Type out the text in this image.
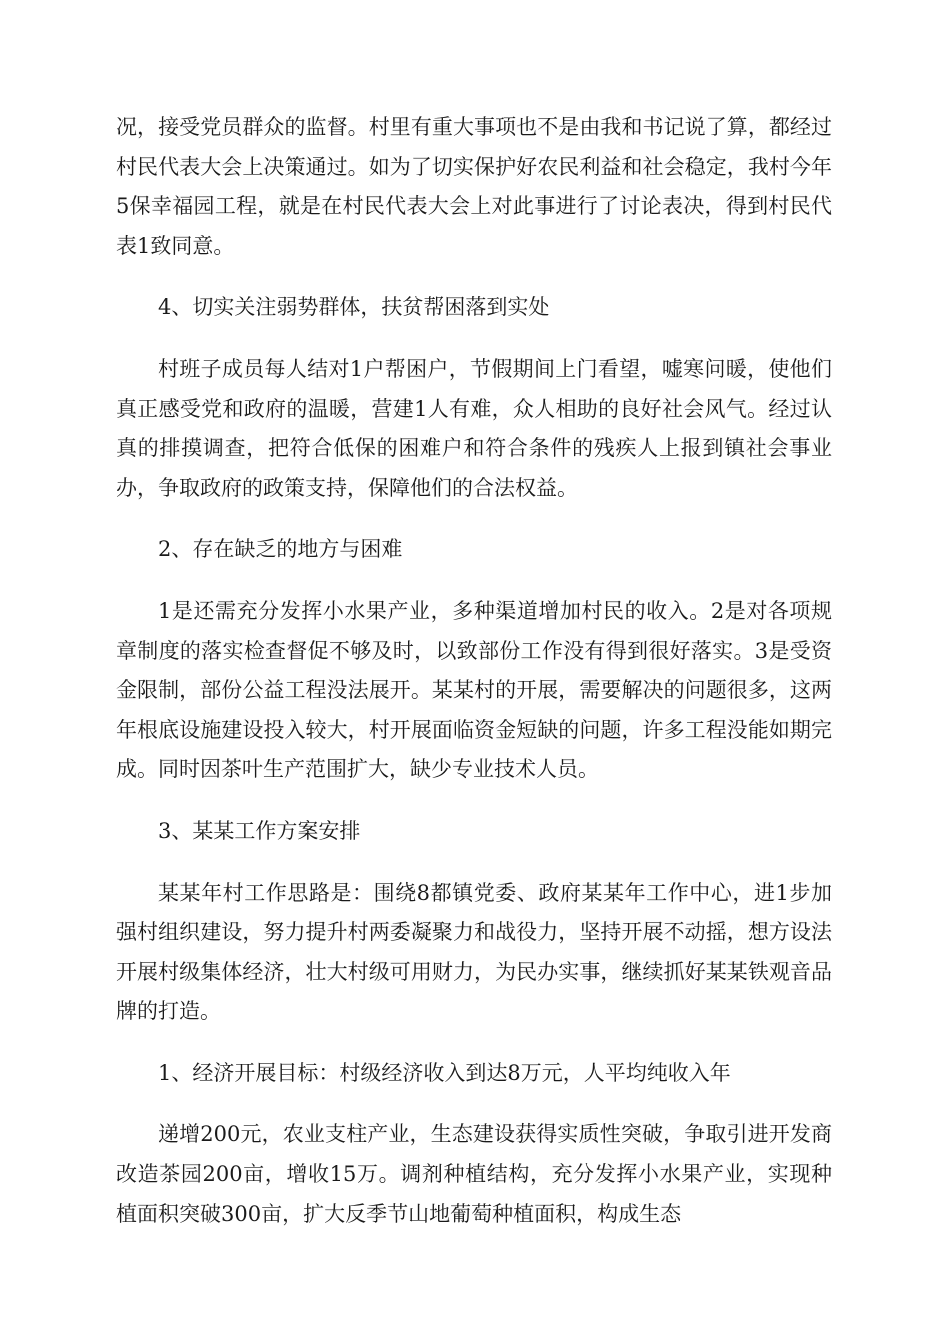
况，接受党员群众的监督。村里有重大事项也不是由我和书记说了算，都经过村民代表大会上决策通过。如为了切实保护好农民利益和社会稳定，我村今年5保幸福园工程，就是在村民代表大会上对此事进行了讨论表决，得到村民代表1致同意。

4、切实关注弱势群体，扶贫帮困落到实处

村班子成员每人结对1户帮困户，节假期间上门看望，嘘寒问暖，使他们真正感受党和政府的温暖，营建1人有难，众人相助的良好社会风气。经过认真的排摸调查，把符合低保的困难户和符合条件的残疾人上报到镇社会事业办，争取政府的政策支持，保障他们的合法权益。

2、存在缺乏的地方与困难

1是还需充分发挥小水果产业，多种渠道增加村民的收入。2是对各项规章制度的落实检查督促不够及时，以致部份工作没有得到很好落实。3是受资金限制，部份公益工程没法展开。某某村的开展，需要解决的问题很多，这两年根底设施建设投入较大，村开展面临资金短缺的问题，许多工程没能如期完成。同时因茶叶生产范围扩大，缺少专业技术人员。

3、某某工作方案安排

某某年村工作思路是：围绕8都镇党委、政府某某年工作中心，进1步加强村组织建设，努力提升村两委凝聚力和战役力，坚持开展不动摇，想方设法开展村级集体经济，壮大村级可用财力，为民办实事，继续抓好某某铁观音品牌的打造。

1、经济开展目标：村级经济收入到达8万元，人平均纯收入年

递增200元，农业支柱产业，生态建设获得实质性突破，争取引进开发商改造茶园200亩，增收15万。调剂种植结构，充分发挥小水果产业，实现种植面积突破300亩，扩大反季节山地葡萄种植面积，构成生态
